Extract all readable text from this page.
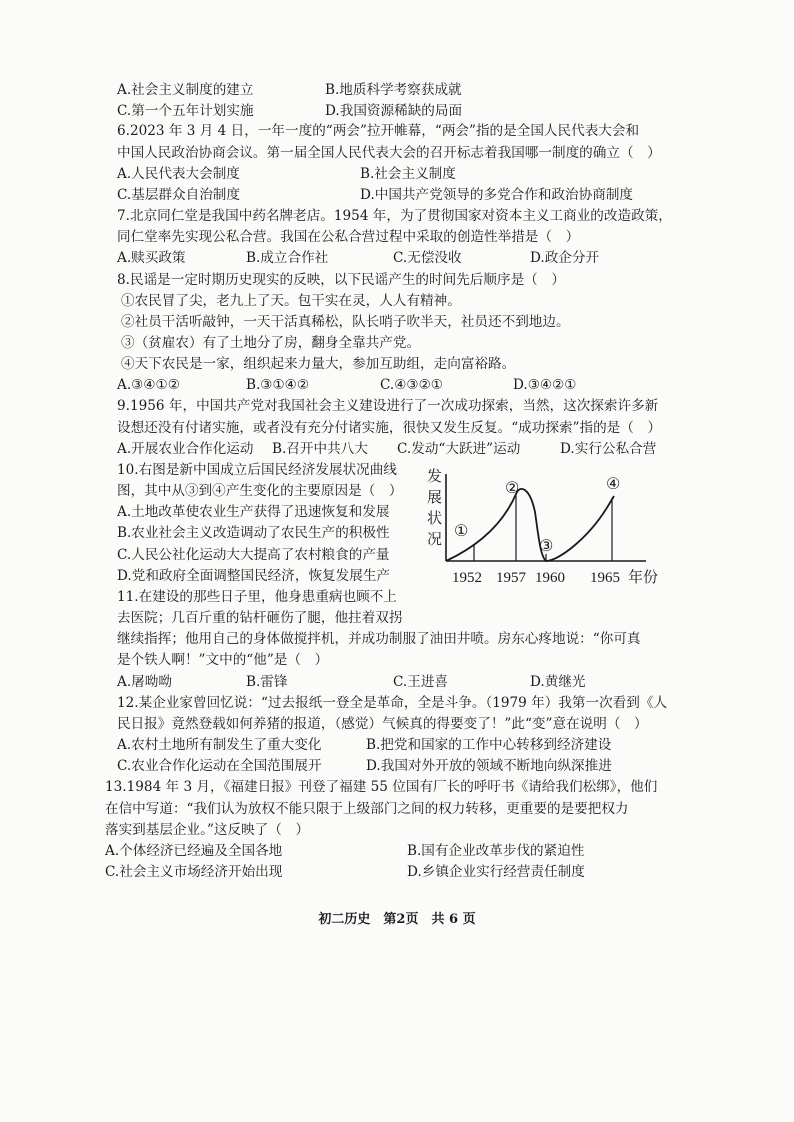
A.社会主义制度的建立	B.地质科学考察获成就
C.第一个五年计划实施	D.我国资源稀缺的局面
6.2023 年 3 月 4 日，一年一度的“两会”拉开帷幕，“两会”指的是全国人民代表大会和
中国人民政治协商会议。第一届全国人民代表大会的召开标志着我国哪一制度的确立（　）
A.人民代表大会制度	B.社会主义制度
C.基层群众自治制度	D.中国共产党领导的多党合作和政治协商制度
7.北京同仁堂是我国中药名牌老店。1954 年，为了贯彻国家对资本主义工商业的改造政策，
同仁堂率先实现公私合营。我国在公私合营过程中采取的创造性举措是（　）
A.赎买政策	B.成立合作社	C.无偿没收	D.政企分开
8.民谣是一定时期历史现实的反映，以下民谣产生的时间先后顺序是（　）
①农民冒了尖，老九上了天。包干实在灵，人人有精神。
②社员干活听敲钟，一天干活真稀松，队长哨子吹半天，社员还不到地边。
③（贫雇农）有了土地分了房，翻身全靠共产党。
④天下农民是一家，组织起来力量大，参加互助组，走向富裕路。
A.③④①②	B.③①④②	C.④③②①	D.③④②①
9.1956 年，中国共产党对我国社会主义建设进行了一次成功探索，当然，这次探索许多新
设想还没有付诸实施，或者没有充分付诸实施，很快又发生反复。“成功探索”指的是（　）
A.开展农业合作化运动 B.召开中共八大 C.发动“大跃进”运动	D.实行公私合营
10.右图是新中国成立后国民经济发展状况曲线
图，其中从③到④产生变化的主要原因是（　）
A.土地改革使农业生产获得了迅速恢复和发展
B.农业社会主义改造调动了农民生产的积极性
C.人民公社化运动大大提高了农村粮食的产量
D.党和政府全面调整国民经济，恢复发展生产
发
展
状
况 ①
②
③
④
1952 1957 1960 1965 年份
11.在建设的那些日子里，他身患重病也顾不上
去医院；几百斤重的钻杆砸伤了腿，他拄着双拐
继续指挥；他用自己的身体做搅拌机，并成功制服了油田井喷。房东心疼地说：“你可真
是个铁人啊！”文中的“他”是（　）
A.屠呦呦	B.雷锋	C.王进喜	D.黄继光
12.某企业家曾回忆说：“过去报纸一登全是革命，全是斗争。（1979 年）我第一次看到《人
民日报》竟然登载如何养猪的报道，（感觉）气候真的得要变了！”此“变”意在说明（　）
A.农村土地所有制发生了重大变化	B.把党和国家的工作中心转移到经济建设
C.农业合作化运动在全国范围展开	D.我国对外开放的领域不断地向纵深推进
13.1984 年 3 月，《福建日报》刊登了福建 55 位国有厂长的呼吁书《请给我们松绑》，他们
在信中写道：“我们认为放权不能只限于上级部门之间的权力转移，更重要的是要把权力
落实到基层企业。”这反映了（　）
A.个体经济已经遍及全国各地	B.国有企业改革步伐的紧迫性
C.社会主义市场经济开始出现	D.乡镇企业实行经营责任制度
初二历史　第2页　共 6 页
